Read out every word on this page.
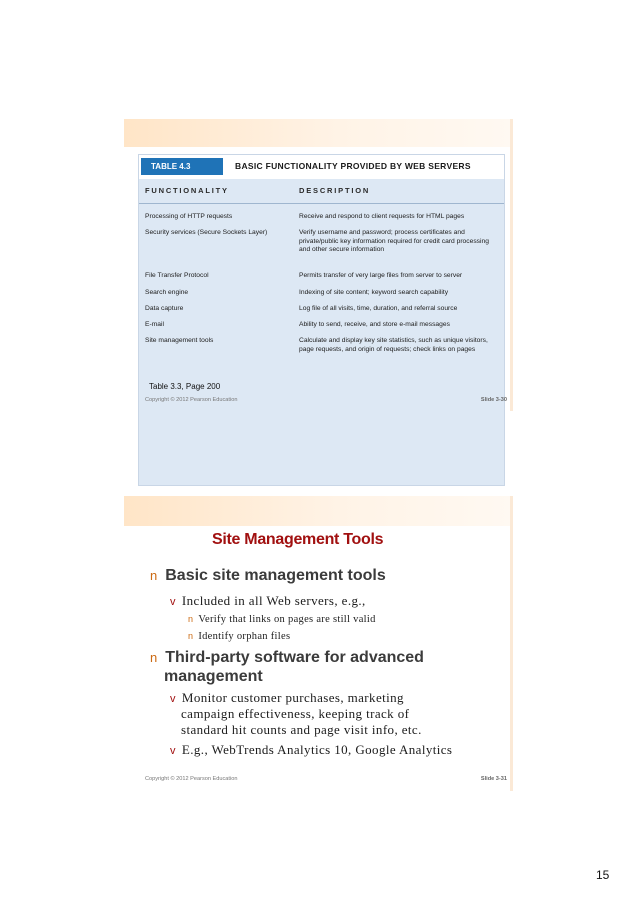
TABLE 4.3	BASIC FUNCTIONALITY PROVIDED BY WEB SERVERS
FUNCTIONALITY	DESCRIPTION
Processing of HTTP requests	Receive and respond to client requests for HTML pages
Security services (Secure Sockets Layer)	Verify username and password; process certificates and private/public key information required for credit card processing and other secure information
File Transfer Protocol	Permits transfer of very large files from server to server
Search engine	Indexing of site content; keyword search capability
Data capture	Log file of all visits, time, duration, and referral source
E-mail	Ability to send, receive, and store e-mail messages
Site management tools	Calculate and display key site statistics, such as unique visitors, page requests, and origin of requests; check links on pages
Table 3.3, Page 200
Copyright © 2012 Pearson Education	Slide 3-30
Site Management Tools
n Basic site management tools
v Included in all Web servers, e.g.,
n Verify that links on pages are still valid
n Identify orphan files
n Third-party software for advanced
management
v Monitor customer purchases, marketing
campaign effectiveness, keeping track of
standard hit counts and page visit info, etc.
v E.g., WebTrends Analytics 10, Google Analytics
Copyright © 2012 Pearson Education	Slide 3-31
15
